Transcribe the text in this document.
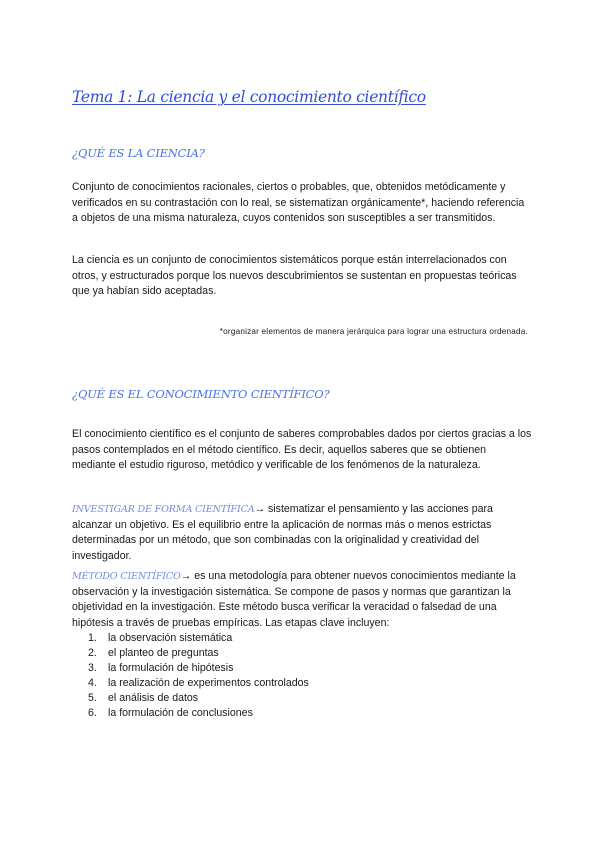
Tema 1: La ciencia y el conocimiento científico
¿QUÉ ES LA CIENCIA?
Conjunto de conocimientos racionales, ciertos o probables, que, obtenidos metódicamente y verificados en su contrastación con lo real, se sistematizan orgánicamente*, haciendo referencia a objetos de una misma naturaleza, cuyos contenidos son susceptibles a ser transmitidos.
La ciencia es un conjunto de conocimientos sistemáticos porque están interrelacionados con otros, y estructurados porque los nuevos descubrimientos se sustentan en propuestas teóricas que ya habían sido aceptadas.
*organizar elementos de manera jerárquica para lograr una estructura ordenada.
¿QUÉ ES EL CONOCIMIENTO CIENTÍFICO?
El conocimiento científico es el conjunto de saberes comprobables dados por ciertos gracias a los pasos contemplados en el método científico. Es decir, aquellos saberes que se obtienen mediante el estudio riguroso, metódico y verificable de los fenómenos de la naturaleza.
INVESTIGAR DE FORMA CIENTÍFICA→ sistematizar el pensamiento y las acciones para alcanzar un objetivo. Es el equilibrio entre la aplicación de normas más o menos estrictas determinadas por un método, que son combinadas con la originalidad y creatividad del investigador.
MÉTODO CIENTÍFICO→ es una metodología para obtener nuevos conocimientos mediante la observación y la investigación sistemática. Se compone de pasos y normas que garantizan la objetividad en la investigación. Este método busca verificar la veracidad o falsedad de una hipótesis a través de pruebas empíricas. Las etapas clave incluyen:
1.	la observación sistemática
2.	el planteo de preguntas
3.	la formulación de hipótesis
4.	la realización de experimentos controlados
5.	el análisis de datos
6.	la formulación de conclusiones
